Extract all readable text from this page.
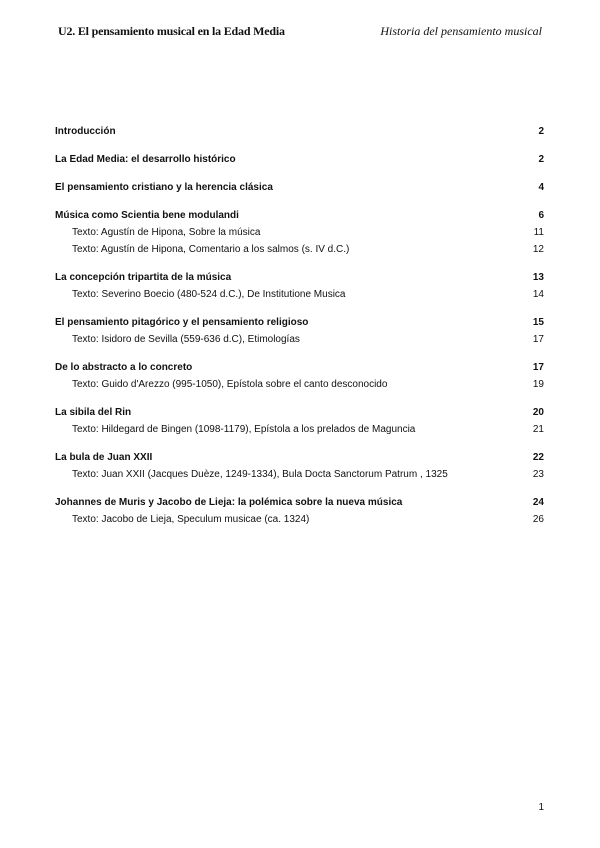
U2. El pensamiento musical en la Edad Media	Historia del pensamiento musical
Introducción	2
La Edad Media: el desarrollo histórico	2
El pensamiento cristiano y la herencia clásica	4
Música como Scientia bene modulandi	6
Texto: Agustín de Hipona, Sobre la música	11
Texto: Agustín de Hipona, Comentario a los salmos (s. IV d.C.)	12
La concepción tripartita de la música	13
Texto: Severino Boecio (480-524 d.C.), De Institutione Musica	14
El pensamiento pitagórico y el pensamiento religioso	15
Texto: Isidoro de Sevilla (559-636 d.C), Etimologías	17
De lo abstracto a lo concreto	17
Texto: Guido d'Arezzo (995-1050), Epístola sobre el canto desconocido	19
La sibila del Rin	20
Texto: Hildegard de Bingen (1098-1179), Epístola a los prelados de Maguncia	21
La bula de Juan XXII	22
Texto: Juan XXII (Jacques Duèze, 1249-1334), Bula Docta Sanctorum Patrum , 1325	23
Johannes de Muris y Jacobo de Lieja: la polémica sobre la nueva música	24
Texto: Jacobo de Lieja, Speculum musicae (ca. 1324)	26
1
